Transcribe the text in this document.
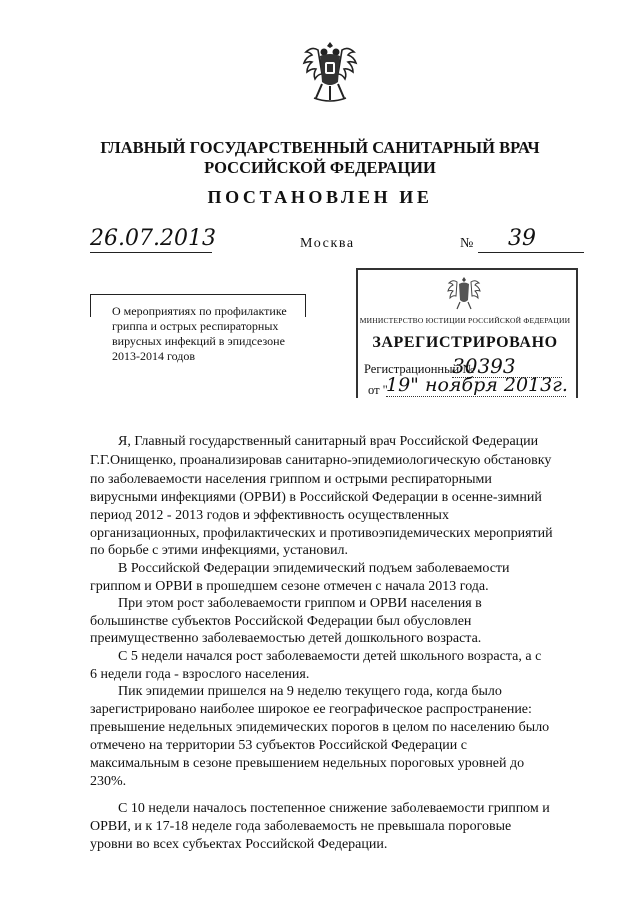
ГЛАВНЫЙ ГОСУДАРСТВЕННЫЙ САНИТАРНЫЙ ВРАЧ
РОССИЙСКОЙ ФЕДЕРАЦИИ
ПОСТАНОВЛЕН ИЕ
26.07.2013	Москва	№	39
О мероприятиях по профилактике
гриппа и острых респираторных
вирусных инфекций в эпидсезоне
2013-2014 годов
МИНИСТЕРСТВО ЮСТИЦИИ РОССИЙСКОЙ ФЕДЕРАЦИИ
ЗАРЕГИСТРИРОВАНО
Регистрационный №
30393
от "
19" ноября 2013г.
Я, Главный государственный санитарный врач Российской Федерации
Г.Г.Онищенко, проанализировав санитарно-эпидемиологическую обстановку
по заболеваемости населения гриппом и острыми респираторными
вирусными инфекциями (ОРВИ) в Российской Федерации в осенне-зимний
период 2012 - 2013 годов и эффективность осуществленных
организационных, профилактических и противоэпидемических мероприятий
по борьбе с этими инфекциями, установил.
В Российской Федерации эпидемический подъем заболеваемости
гриппом и ОРВИ в прошедшем сезоне отмечен с начала 2013 года.
При этом рост заболеваемости гриппом и ОРВИ населения в
большинстве субъектов Российской Федерации был обусловлен
преимущественно заболеваемостью детей дошкольного возраста.
С 5 недели начался рост заболеваемости детей школьного возраста, а с
6 недели года - взрослого населения.
Пик эпидемии пришелся на 9 неделю текущего года, когда было
зарегистрировано наиболее широкое ее географическое распространение:
превышение недельных эпидемических порогов в целом по населению было
отмечено на территории 53 субъектов Российской Федерации с
максимальным в сезоне превышением недельных пороговых уровней до
230%.
С 10 недели началось постепенное снижение заболеваемости гриппом и
ОРВИ, и к 17-18 неделе года заболеваемость не превышала пороговые
уровни во всех субъектах Российской Федерации.
